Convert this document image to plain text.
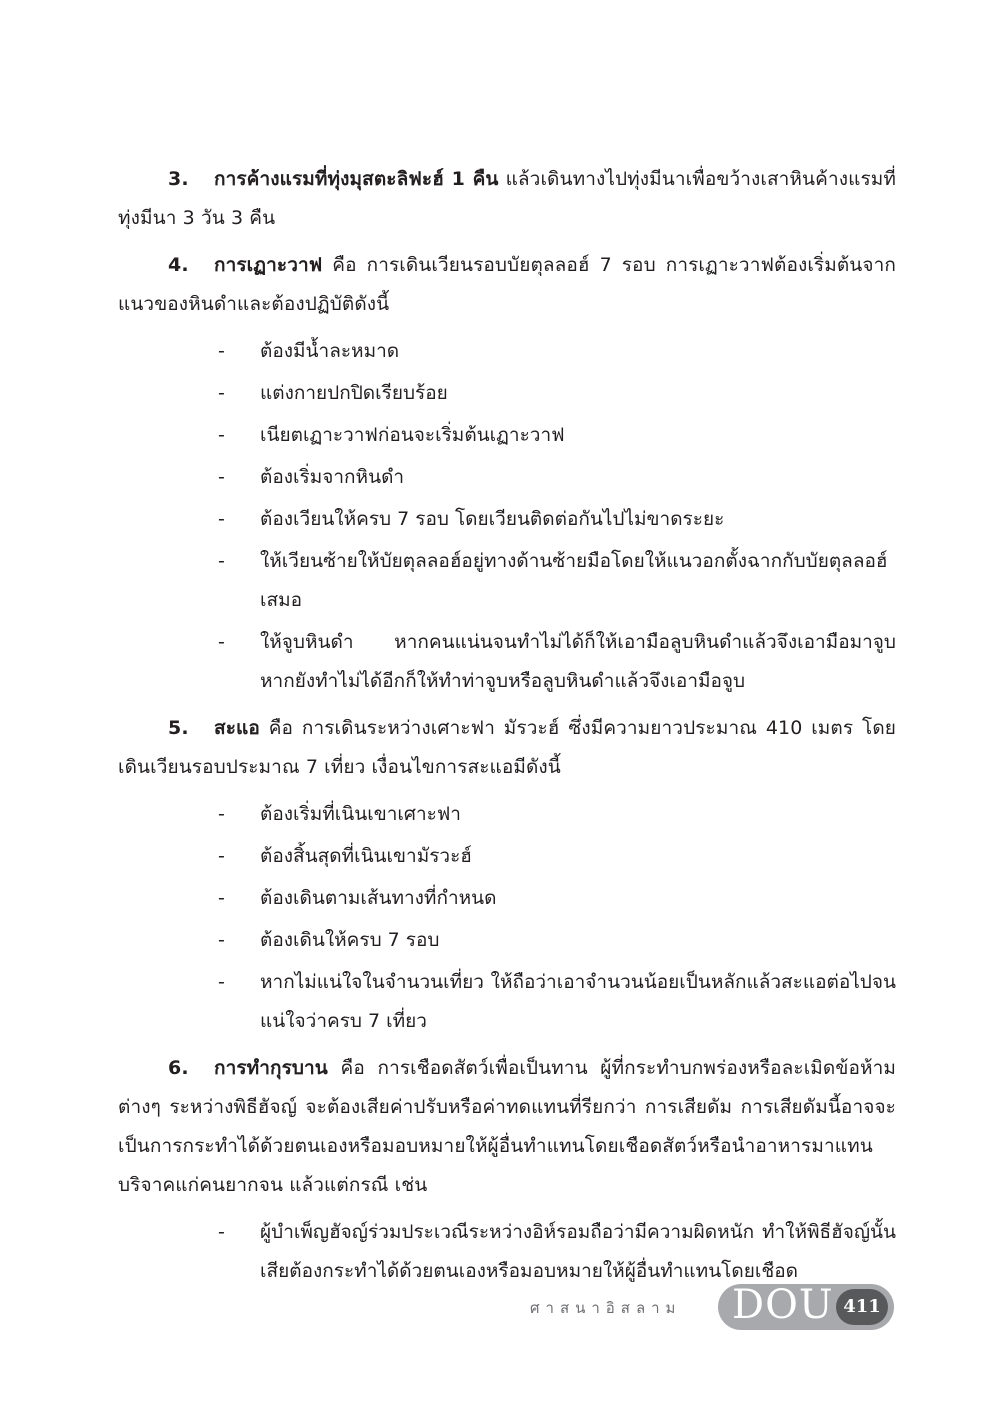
3. การค้างแรมที่ทุ่งมุสตะลิฟะฮ์ 1 คืน แล้วเดินทางไปทุ่งมีนาเพื่อขว้างเสาหินค้างแรมที่ทุ่งมีนา 3 วัน 3 คืน

4. การเฏาะวาฟ คือ การเดินเวียนรอบบัยตุลลอฮ์ 7 รอบ การเฏาะวาฟต้องเริ่มต้นจากแนวของหินดำและต้องปฏิบัติดังนี้

-	ต้องมีน้ำละหมาด
-	แต่งกายปกปิดเรียบร้อย
-	เนียตเฏาะวาฟก่อนจะเริ่มต้นเฏาะวาฟ
-	ต้องเริ่มจากหินดำ
-	ต้องเวียนให้ครบ 7 รอบ โดยเวียนติดต่อกันไปไม่ขาดระยะ
-	ให้เวียนซ้ายให้บัยตุลลอฮ์อยู่ทางด้านซ้ายมือโดยให้แนวอกตั้งฉากกับบัยตุลลอฮ์เสมอ
-	ให้จูบหินดำ หากคนแน่นจนทำไม่ได้ก็ให้เอามือลูบหินดำแล้วจึงเอามือมาจูบ หากยังทำไม่ได้อีกก็ให้ทำท่าจูบหรือลูบหินดำแล้วจึงเอามือจูบ

5. สะแอ คือ การเดินระหว่างเศาะฟา มัรวะฮ์ ซึ่งมีความยาวประมาณ 410 เมตร โดยเดินเวียนรอบประมาณ 7 เที่ยว เงื่อนไขการสะแอมีดังนี้

-	ต้องเริ่มที่เนินเขาเศาะฟา
-	ต้องสิ้นสุดที่เนินเขามัรวะฮ์
-	ต้องเดินตามเส้นทางที่กำหนด
-	ต้องเดินให้ครบ 7 รอบ
-	หากไม่แน่ใจในจำนวนเที่ยว ให้ถือว่าเอาจำนวนน้อยเป็นหลักแล้วสะแอต่อไปจนแน่ใจว่าครบ 7 เที่ยว

6. การทำกุรบาน คือ การเชือดสัตว์เพื่อเป็นทาน ผู้ที่กระทำบกพร่องหรือละเมิดข้อห้ามต่างๆ ระหว่างพิธีฮัจญ์ จะต้องเสียค่าปรับหรือค่าทดแทนที่รียกว่า การเสียดัม การเสียดัมนี้อาจจะเป็นการกระทำได้ด้วยตนเองหรือมอบหมายให้ผู้อื่นทำแทนโดยเชือดสัตว์หรือนำอาหารมาแทน บริจาคแก่คนยากจน แล้วแต่กรณี เช่น

-	ผู้บำเพ็ญฮัจญ์ร่วมประเวณีระหว่างอิห์รอมถือว่ามีความผิดหนัก ทำให้พิธีฮัจญ์นั้นเสียต้องกระทำได้ด้วยตนเองหรือมอบหมายให้ผู้อื่นทำแทนโดยเชือด
ศาสนาอิสลาม DOU 411
